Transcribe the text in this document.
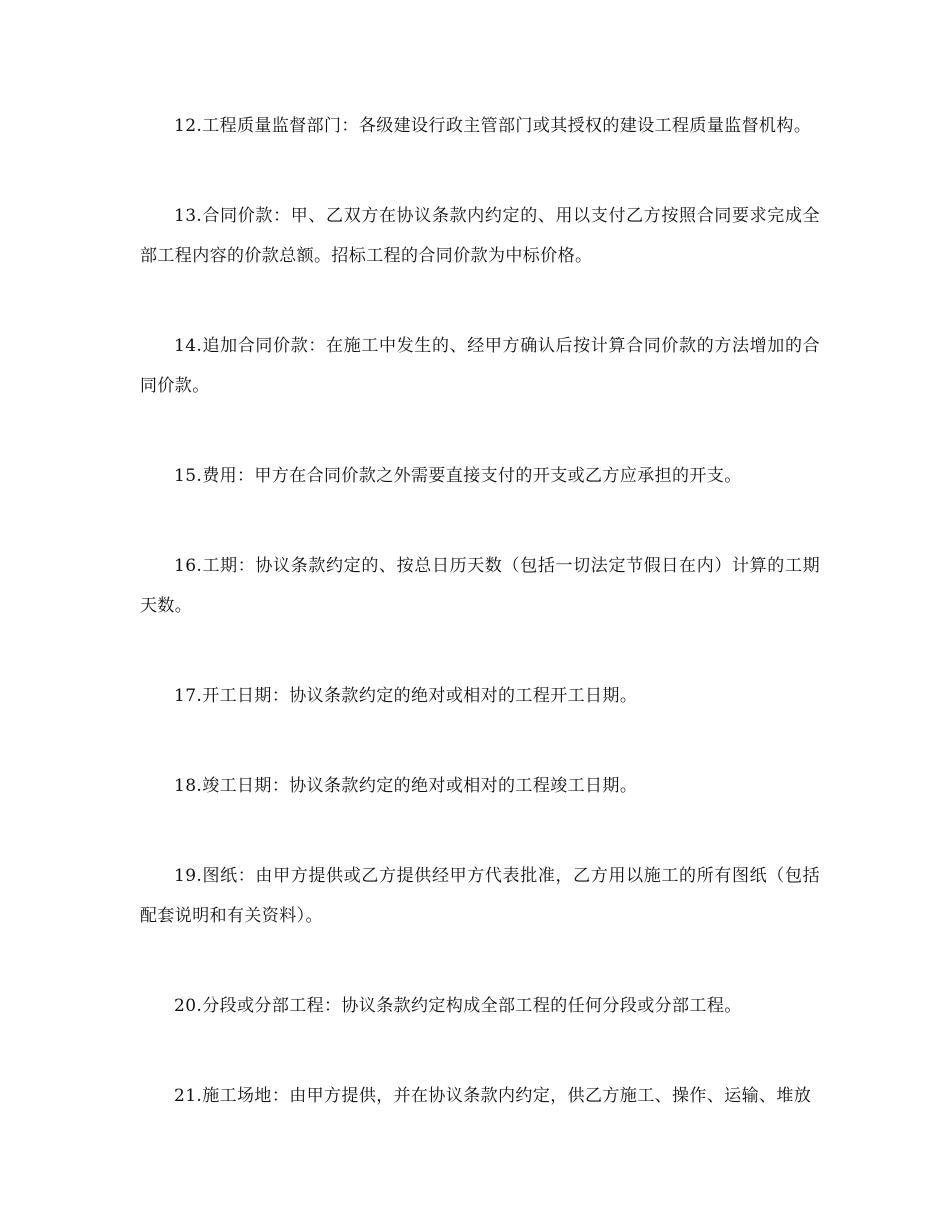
12.工程质量监督部门：各级建设行政主管部门或其授权的建设工程质量监督机构。

13.合同价款：甲、乙双方在协议条款内约定的、用以支付乙方按照合同要求完成全部工程内容的价款总额。招标工程的合同价款为中标价格。

14.追加合同价款：在施工中发生的、经甲方确认后按计算合同价款的方法增加的合同价款。

15.费用：甲方在合同价款之外需要直接支付的开支或乙方应承担的开支。

16.工期：协议条款约定的、按总日历天数（包括一切法定节假日在内）计算的工期天数。

17.开工日期：协议条款约定的绝对或相对的工程开工日期。

18.竣工日期：协议条款约定的绝对或相对的工程竣工日期。

19.图纸：由甲方提供或乙方提供经甲方代表批准，乙方用以施工的所有图纸（包括配套说明和有关资料）。

20.分段或分部工程：协议条款约定构成全部工程的任何分段或分部工程。

21.施工场地：由甲方提供，并在协议条款内约定，供乙方施工、操作、运输、堆放
